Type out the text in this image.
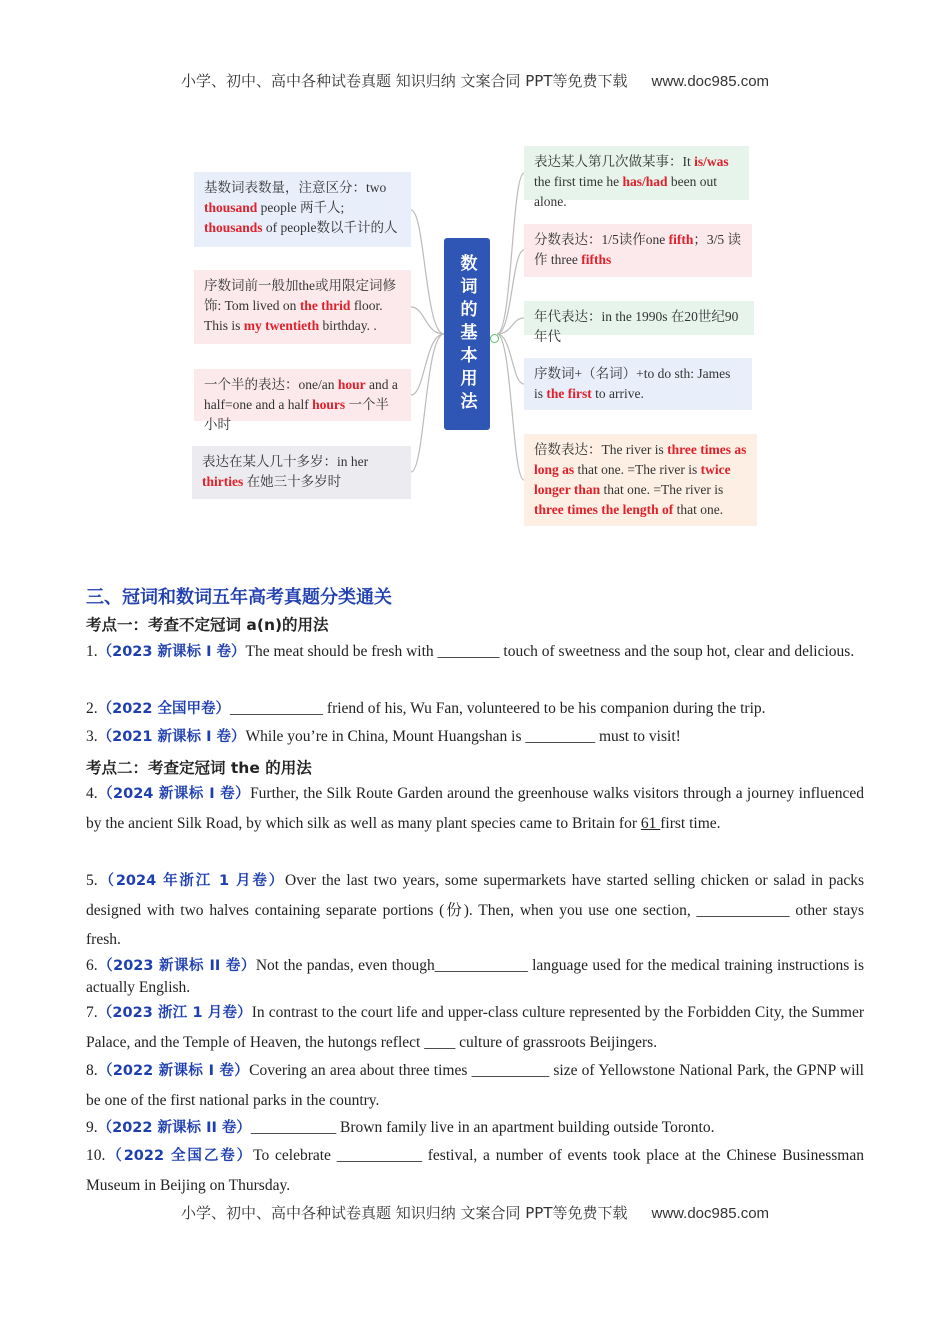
小学、初中、高中各种试卷真题 知识归纳 文案合同 PPT等免费下载 www.doc985.com
基数词表数量，注意区分：two thousand people 两千人; thousands of people数以千计的人
序数词前一般加the或用限定词修饰: Tom lived on the thrid floor. This is my twentieth birthday. .
一个半的表达：one/an hour and a half=one and a half hours 一个半小时
表达在某人几十多岁：in her thirties 在她三十多岁时
数词的基本用法
表达某人第几次做某事：It is/was the first time he has/had been out alone.
分数表达：1/5读作one fifth；3/5 读作 three fifths
年代表达：in the 1990s 在20世纪90年代
序数词+（名词）+to do sth: James is the first to arrive.
倍数表达：The river is three times as long as that one. =The river is twice longer than that one. =The river is three times the length of that one.
三、冠词和数词五年高考真题分类通关
考点一：考查不定冠词 a(n)的用法
1.（2023 新课标 I 卷）The meat should be fresh with ________ touch of sweetness and the soup hot, clear and delicious.
2.（2022 全国甲卷）____________ friend of his, Wu Fan, volunteered to be his companion during the trip.
3.（2021 新课标 I 卷）While you’re in China, Mount Huangshan is _________ must to visit!
考点二：考查定冠词 the 的用法
4.（2024 新课标 I 卷）Further, the Silk Route Garden around the greenhouse walks visitors through a journey influenced by the ancient Silk Road, by which silk as well as many plant species came to Britain for 61 first time.
5.（2024 年浙江 1 月卷）Over the last two years, some supermarkets have started selling chicken or salad in packs designed with two halves containing separate portions (份). Then, when you use one section, ____________ other stays fresh.
6.（2023 新课标 II 卷）Not the pandas, even though____________ language used for the medical training instructions is actually English.
7.（2023 浙江 1 月卷）In contrast to the court life and upper-class culture represented by the Forbidden City, the Summer Palace, and the Temple of Heaven, the hutongs reflect ____ culture of grassroots Beijingers.
8.（2022 新课标 I 卷）Covering an area about three times __________ size of Yellowstone National Park, the GPNP will be one of the first national parks in the country.
9.（2022 新课标 II 卷）___________ Brown family live in an apartment building outside Toronto.
10.（2022 全国乙卷）To celebrate ___________ festival, a number of events took place at the Chinese Businessman Museum in Beijing on Thursday.
小学、初中、高中各种试卷真题 知识归纳 文案合同 PPT等免费下载 www.doc985.com
